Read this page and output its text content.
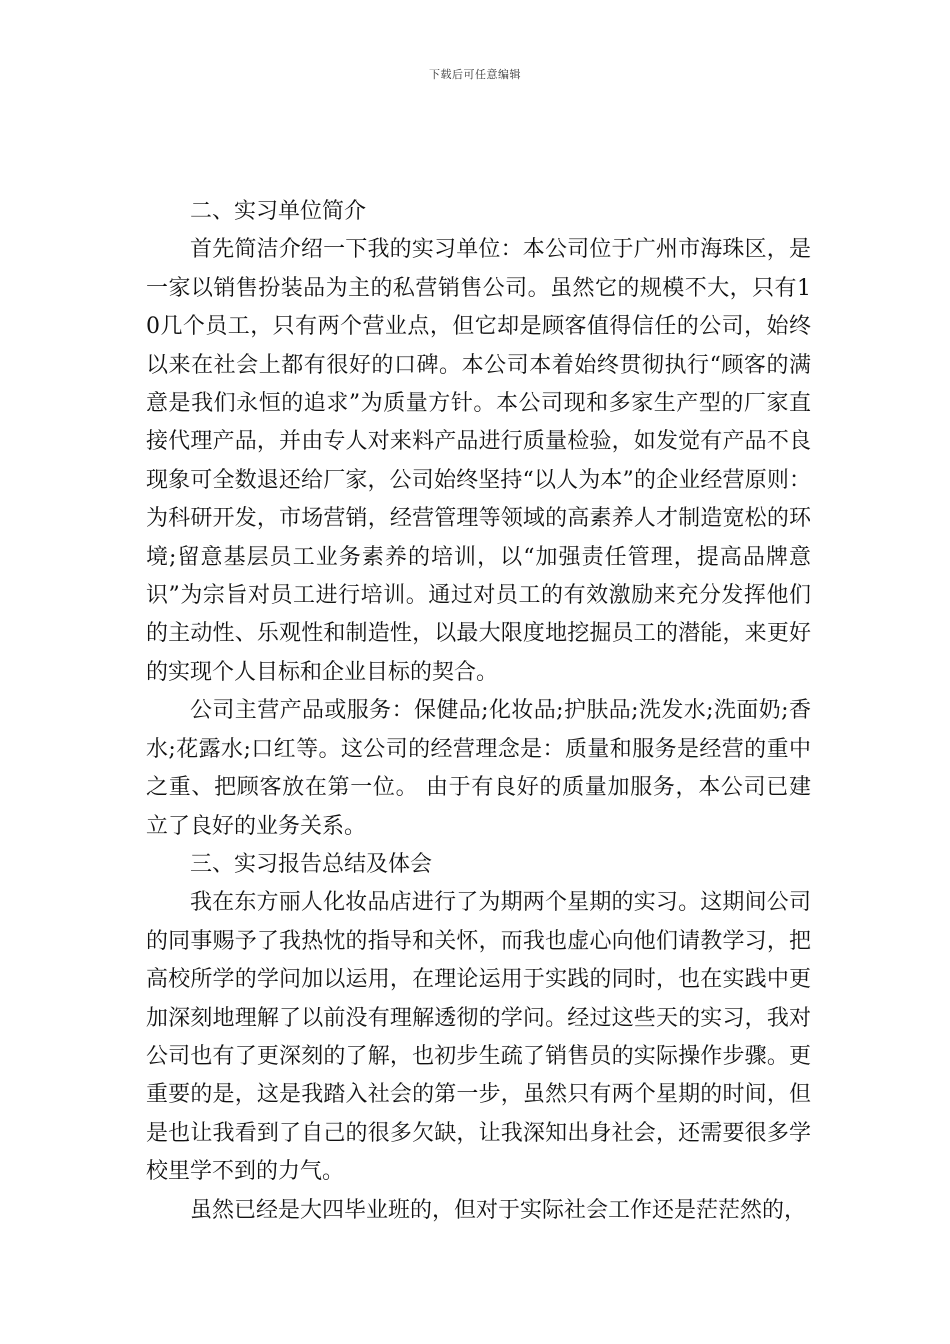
下载后可任意编辑

二、实习单位简介

首先简洁介绍一下我的实习单位：本公司位于广州市海珠区，是一家以销售扮装品为主的私营销售公司。虽然它的规模不大，只有10几个员工，只有两个营业点，但它却是顾客值得信任的公司，始终以来在社会上都有很好的口碑。本公司本着始终贯彻执行“顾客的满意是我们永恒的追求”为质量方针。本公司现和多家生产型的厂家直接代理产品，并由专人对来料产品进行质量检验，如发觉有产品不良现象可全数退还给厂家，公司始终坚持“以人为本”的企业经营原则：为科研开发，市场营销，经营管理等领域的高素养人才制造宽松的环境;留意基层员工业务素养的培训，以“加强责任管理，提高品牌意识”为宗旨对员工进行培训。通过对员工的有效激励来充分发挥他们的主动性、乐观性和制造性，以最大限度地挖掘员工的潜能，来更好的实现个人目标和企业目标的契合。

公司主营产品或服务：保健品;化妆品;护肤品;洗发水;洗面奶;香水;花露水;口红等。这公司的经营理念是：质量和服务是经营的重中之重、把顾客放在第一位。 由于有良好的质量加服务，本公司已建立了良好的业务关系。

三、实习报告总结及体会

我在东方丽人化妆品店进行了为期两个星期的实习。这期间公司的同事赐予了我热忱的指导和关怀，而我也虚心向他们请教学习，把高校所学的学问加以运用，在理论运用于实践的同时，也在实践中更加深刻地理解了以前没有理解透彻的学问。经过这些天的实习，我对公司也有了更深刻的了解，也初步生疏了销售员的实际操作步骤。更重要的是，这是我踏入社会的第一步，虽然只有两个星期的时间，但是也让我看到了自己的很多欠缺，让我深知出身社会，还需要很多学校里学不到的力气。

虽然已经是大四毕业班的，但对于实际社会工作还是茫茫然的，
